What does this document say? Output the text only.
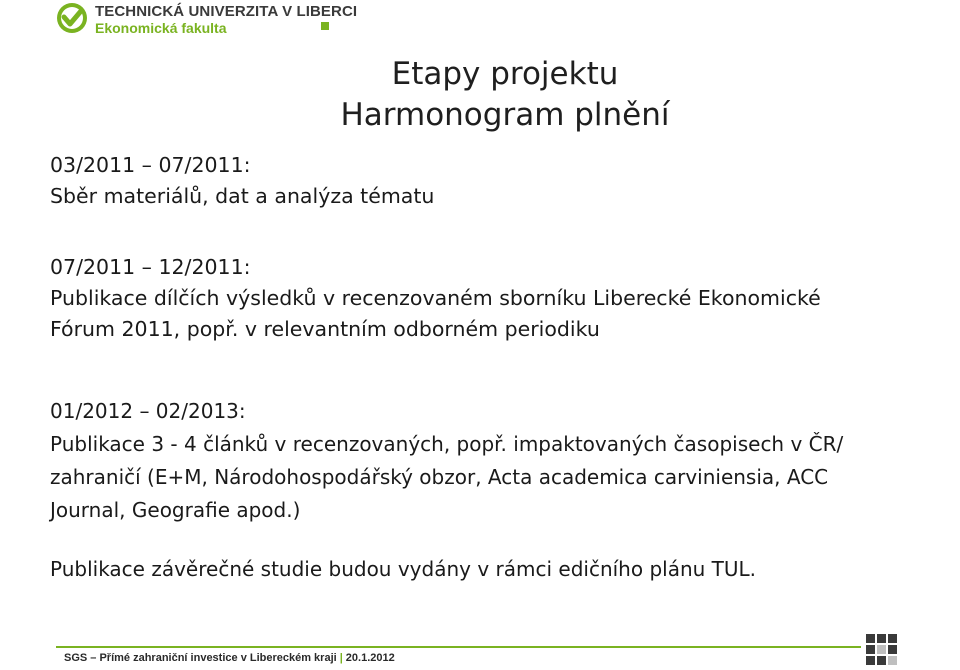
TECHNICKÁ UNIVERZITA V LIBERCI
Ekonomická fakulta
Etapy projektu
Harmonogram plnění
03/2011 – 07/2011:
Sběr materiálů, dat a analýza tématu
07/2011 – 12/2011:
Publikace dílčích výsledků v recenzovaném sborníku Liberecké Ekonomické
Fórum 2011, popř. v relevantním odborném periodiku
01/2012 – 02/2013:
Publikace 3 - 4 článků v recenzovaných, popř. impaktovaných časopisech v ČR/
zahraničí (E+M, Národohospodářský obzor, Acta academica carviniensia, ACC
Journal, Geografie apod.)
Publikace závěrečné studie budou vydány v rámci edičního plánu TUL.
SGS – Přímé zahraniční investice v Libereckém kraji | 20.1.2012
